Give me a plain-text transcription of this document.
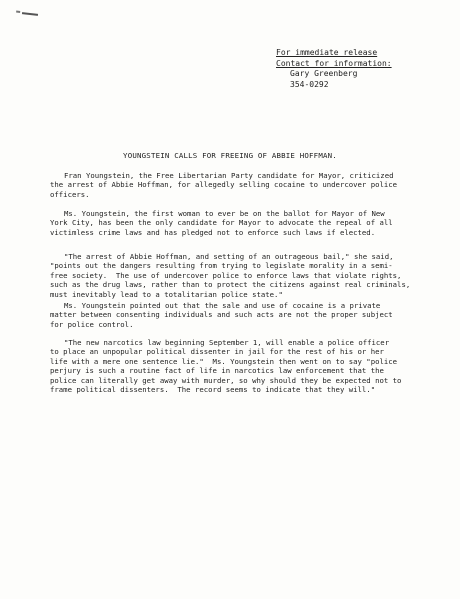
For immediate release
Contact for information:
Gary Greenberg
354-0292
YOUNGSTEIN CALLS FOR FREEING OF ABBIE HOFFMAN.

Fran Youngstein, the Free Libertarian Party candidate for Mayor, criticized
the arrest of Abbie Hoffman, for allegedly selling cocaine to undercover police
officers.

Ms. Youngstein, the first woman to ever be on the ballot for Mayor of New
York City, has been the only candidate for Mayor to advocate the repeal of all
victimless crime laws and has pledged not to enforce such laws if elected.

"The arrest of Abbie Hoffman, and setting of an outrageous bail," she said,
"points out the dangers resulting from trying to legislate morality in a semi-
free society.  The use of undercover police to enforce laws that violate rights,
such as the drug laws, rather than to protect the citizens against real criminals,
must inevitably lead to a totalitarian police state."

Ms. Youngstein pointed out that the sale and use of cocaine is a private
matter between consenting individuals and such acts are not the proper subject
for police control.

"The new narcotics law beginning September 1, will enable a police officer
to place an unpopular political dissenter in jail for the rest of his or her
life with a mere one sentence lie."  Ms. Youngstein then went on to say "police
perjury is such a routine fact of life in narcotics law enforcement that the
police can literally get away with murder, so why should they be expected not to
frame political dissenters.  The record seems to indicate that they will."
